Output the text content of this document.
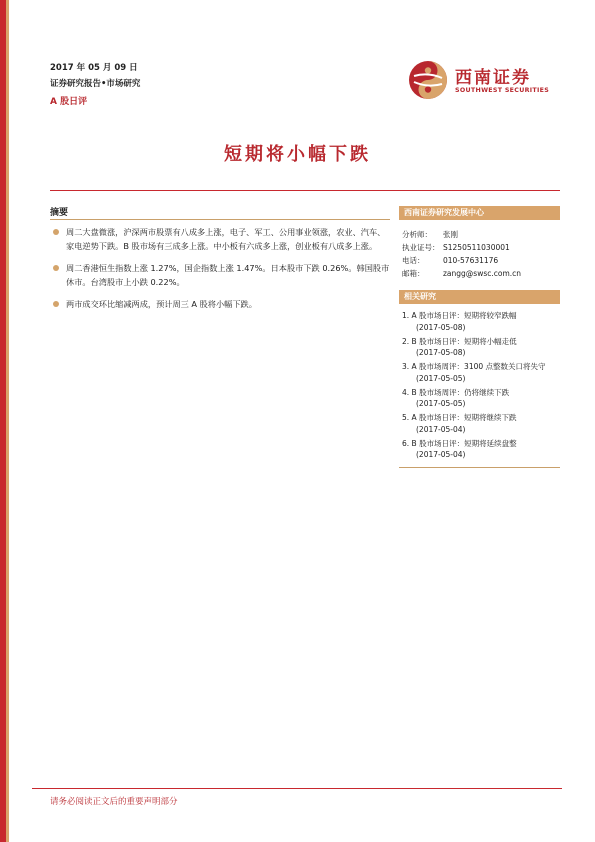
2017 年 05 月 09 日
证券研究报告•市场研究
A 股日评
西南证券
SOUTHWEST SECURITIES
短期将小幅下跌
摘要
周二大盘微涨，沪深两市股票有八成多上涨，电子、军工、公用事业领涨，农业、汽车、家电逆势下跌。B 股市场有三成多上涨。中小板有六成多上涨，创业板有八成多上涨。
周二香港恒生指数上涨 1.27%，国企指数上涨 1.47%。日本股市下跌 0.26%。韩国股市休市。台湾股市上小跌 0.22%。
两市成交环比缩减两成，预计周三 A 股将小幅下跌。
西南证券研究发展中心
分析师： 张刚
执业证号： S1250511030001
电话： 010-57631176
邮箱： zangg@swsc.com.cn
相关研究
1. A 股市场日评：短期将较窄跌幅
(2017-05-08)
2. B 股市场日评：短期将小幅走低
(2017-05-08)
3. A 股市场周评：3100 点整数关口将失守
(2017-05-05)
4. B 股市场周评：仍将继续下跌
(2017-05-05)
5. A 股市场日评：短期将继续下跌
(2017-05-04)
6. B 股市场日评：短期将延续盘整
(2017-05-04)
请务必阅读正文后的重要声明部分
